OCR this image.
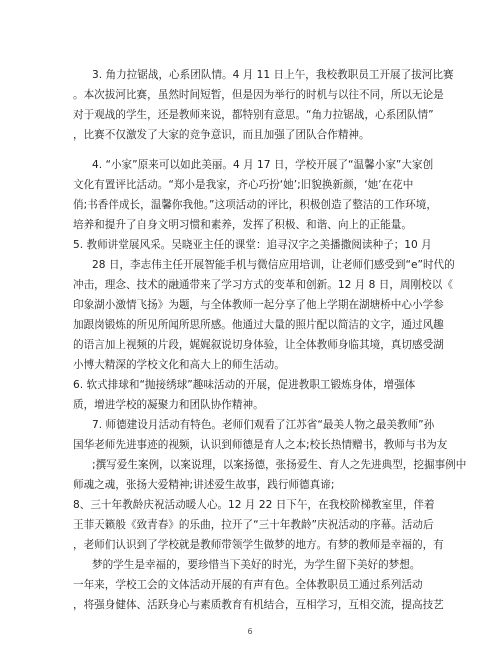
3. 角力拉锯战，心系团队情。4 月 11 日上午，我校教职员工开展了拔河比赛
。本次拔河比赛，虽然时间短暂，但是因为举行的时机与以往不同，所以无论是
对于观战的学生，还是教师来说，都特别有意思。“角力拉锯战，心系团队情”
，比赛不仅激发了大家的竞争意识，而且加强了团队合作精神。
4. “小家”原来可以如此美丽。4 月 17 日，学校开展了“温馨小家”大家创
文化有置评比活动。“郑小是我家，齐心巧扮‘她’;旧貌换新颜，‘她’在花中
俏;书香伴成长，温馨你我他。”这项活动的评比，积极创造了整洁的工作环境，
培养和提升了自身文明习惯和素养，发挥了积极、和谐、向上的正能量。
5. 教师讲堂展风采。吴晓亚主任的课堂：追寻汉字之美播撒阅读种子；10 月
28 日，李志伟主任开展智能手机与微信应用培训，让老师们感受到“e”时代的
冲击，理念、技术的融通带来了学习方式的变革和创新。12 月 8 日，周刚校以《
印象湖小激情飞扬》为题，与全体教师一起分享了他上学期在湖塘桥中心小学参
加跟岗锻炼的所见所闻所思所感。他通过大量的照片配以简洁的文字，通过风趣
的语言加上视频的片段，娓娓叙说切身体验，让全体教师身临其境，真切感受湖
小博大精深的学校文化和高大上的师生活动。
6. 软式排球和“抛接绣球”趣味活动的开展，促进教职工锻炼身体，增强体
质，增进学校的凝聚力和团队协作精神。
7. 师德建设月活动有特色。老师们观看了江苏省“最美人物之最美教师”孙
国华老师先进事迹的视频，认识到师德是育人之本;校长热情赠书，教师与书为友
;撰写爱生案例，以案说理，以案扬德，张扬爱生、育人之先进典型，挖掘事例中
师魂之魂，张扬大爱精神;讲述爱生故事，践行师德真谛;
8、三十年教龄庆祝活动暖人心。12 月 22 日下午，在我校阶梯教室里，伴着
王菲天籁般《致青春》的乐曲，拉开了“三十年教龄”庆祝活动的序幕。活动后
，老师们认识到了学校就是教师带领学生做梦的地方。有梦的教师是幸福的，有
梦的学生是幸福的，要珍惜当下美好的时光，为学生留下美好的梦想。
一年来，学校工会的文体活动开展的有声有色。全体教职员工通过系列活动
，将强身健体、活跃身心与素质教育有机结合，互相学习，互相交流，提高技艺
6
